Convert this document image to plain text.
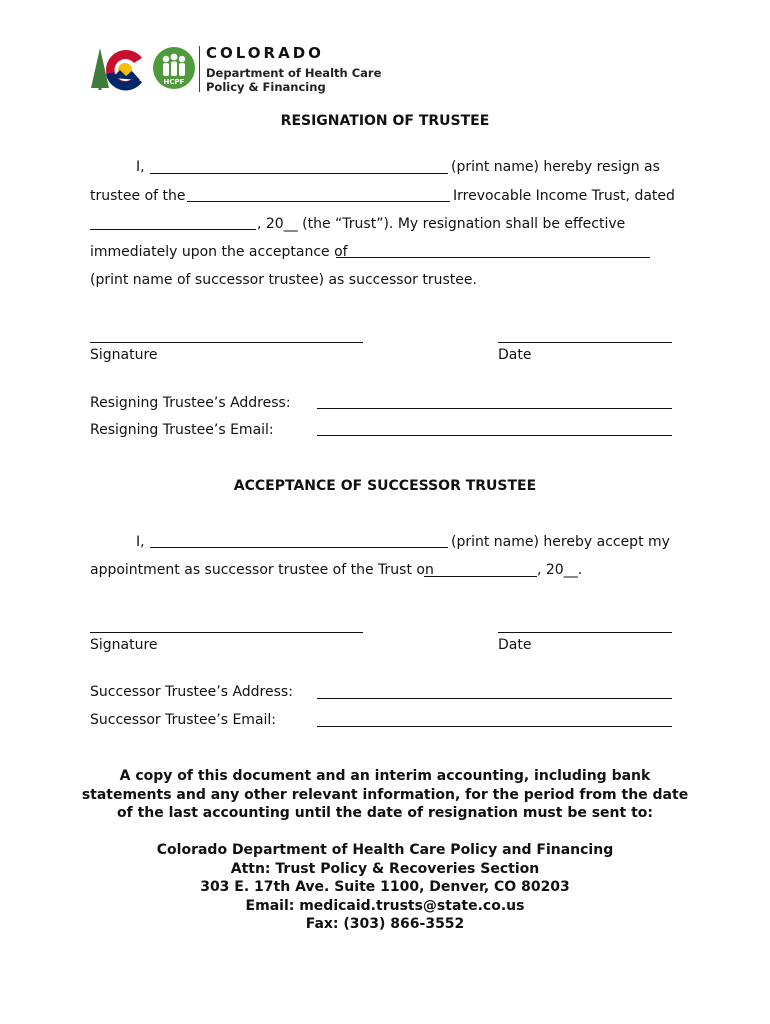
HCPF
COLORADO
Department of Health Care
Policy & Financing
RESIGNATION OF TRUSTEE
I,	(print name) hereby resign as
trustee of the	Irrevocable Income Trust, dated
, 20__ (the “Trust”). My resignation shall be effective
immediately upon the acceptance of
(print name of successor trustee) as successor trustee.
Signature	Date
Resigning Trustee’s Address:
Resigning Trustee’s Email:
ACCEPTANCE OF SUCCESSOR TRUSTEE
I,	(print name) hereby accept my
appointment as successor trustee of the Trust on	, 20__.
Signature	Date
Successor Trustee’s Address:
Successor Trustee’s Email:
A copy of this document and an interim accounting, including bank
statements and any other relevant information, for the period from the date
of the last accounting until the date of resignation must be sent to:
Colorado Department of Health Care Policy and Financing
Attn: Trust Policy & Recoveries Section
303 E. 17th Ave. Suite 1100, Denver, CO 80203
Email: medicaid.trusts@state.co.us
Fax: (303) 866-3552
